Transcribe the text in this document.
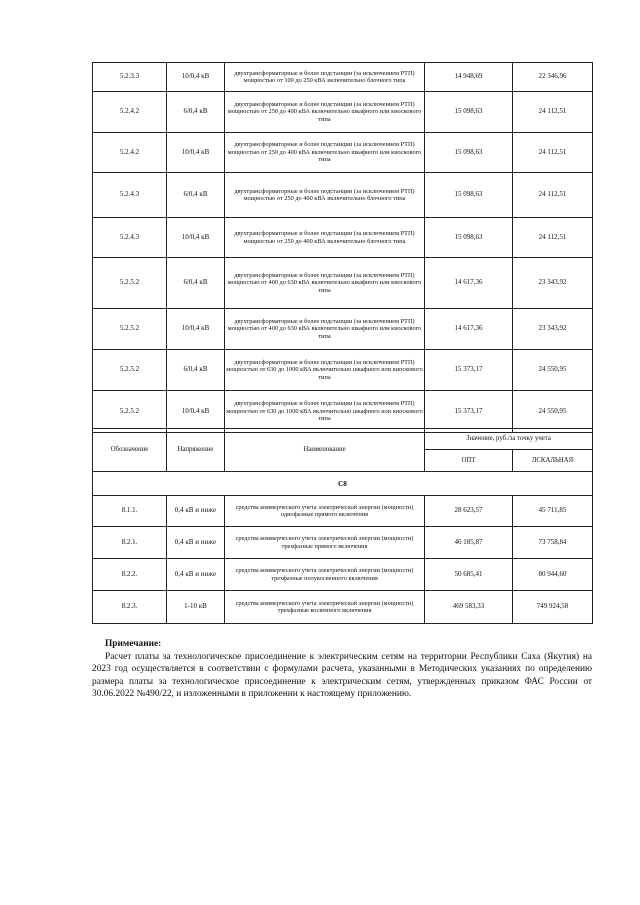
5.2.3.3	10/0,4 кВ	двухтрансформаторные и более подстанции (за исключением РТП) мощностью от 100 до 250 кВА включительно блочного типа	14 948,69	22 346,96
5.2.4.2	6/0,4 кВ	двухтрансформаторные и более подстанции (за исключением РТП) мощностью от 250 до 400 кВА включительно шкафного или киоскового типа	15 098,63	24 112,51
5.2.4.2	10/0,4 кВ	двухтрансформаторные и более подстанции (за исключением РТП) мощностью от 250 до 400 кВА включительно шкафного или киоскового типа	15 098,63	24 112,51
5.2.4.3	6/0,4 кВ	двухтрансформаторные и более подстанции (за исключением РТП) мощностью от 250 до 400 кВА включительно блочного типа	15 098,63	24 112,51
5.2.4.3	10/0,4 кВ	двухтрансформаторные и более подстанции (за исключением РТП) мощностью от 250 до 400 кВА включительно блочного типа	15 098,63	24 112,51
5.2.5.2	6/0,4 кВ	двухтрансформаторные и более подстанции (за исключением РТП) мощностью от 400 до 630 кВА включительно шкафного или киоскового типа	14 617,36	23 343,92
5.2.5.2	10/0,4 кВ	двухтрансформаторные и более подстанции (за исключением РТП) мощностью от 400 до 630 кВА включительно шкафного или киоскового типа	14 617,36	23 343,92
5.2.5.2	6/0,4 кВ	двухтрансформаторные и более подстанции (за исключением РТП) мощностью от 630 до 1000 кВА включительно шкафного или киоскового типа	15 373,17	24 550,95
5.2.5.2	10/0,4 кВ	двухтрансформаторные и более подстанции (за исключением РТП) мощностью от 630 до 1000 кВА включительно шкафного или киоскового типа	15 373,17	24 550,95
Обозначение	Напряжение	Наименование	Значение, руб./за точку учета	
			ОПТ	ЛСКАЛЬНАЯ
C8				
8.1.1.	0,4 кВ и ниже	средства коммерческого учета электрической энергии (мощности) однофазные прямого включения	28 623,57	45 711,85
8.2.1.	0,4 кВ и ниже	средства коммерческого учета электрической энергии (мощности) трехфазные прямого включения	46 185,87	73 758,84
8.2.2.	0,4 кВ и ниже	средства коммерческого учета электрической энергии (мощности) трехфазные полукосвенного включения	50 685,41	80 944,60
8.2.3.	1-10 кВ	средства коммерческого учета электрической энергии (мощности) трехфазные косвенного включения	469 583,33	749 924,58
Примечание:
Расчет платы за технологическое присоединение к электрическим сетям на территории Республики Саха (Якутия) на 2023 год осуществляется в соответствии с формулами расчета, указанными в Методических указаниях по определению размера платы за технологическое присоединение к электрическим сетям, утвержденных приказом ФАС России от 30.06.2022 №490/22, и изложенными в приложении к настоящему приложению.
